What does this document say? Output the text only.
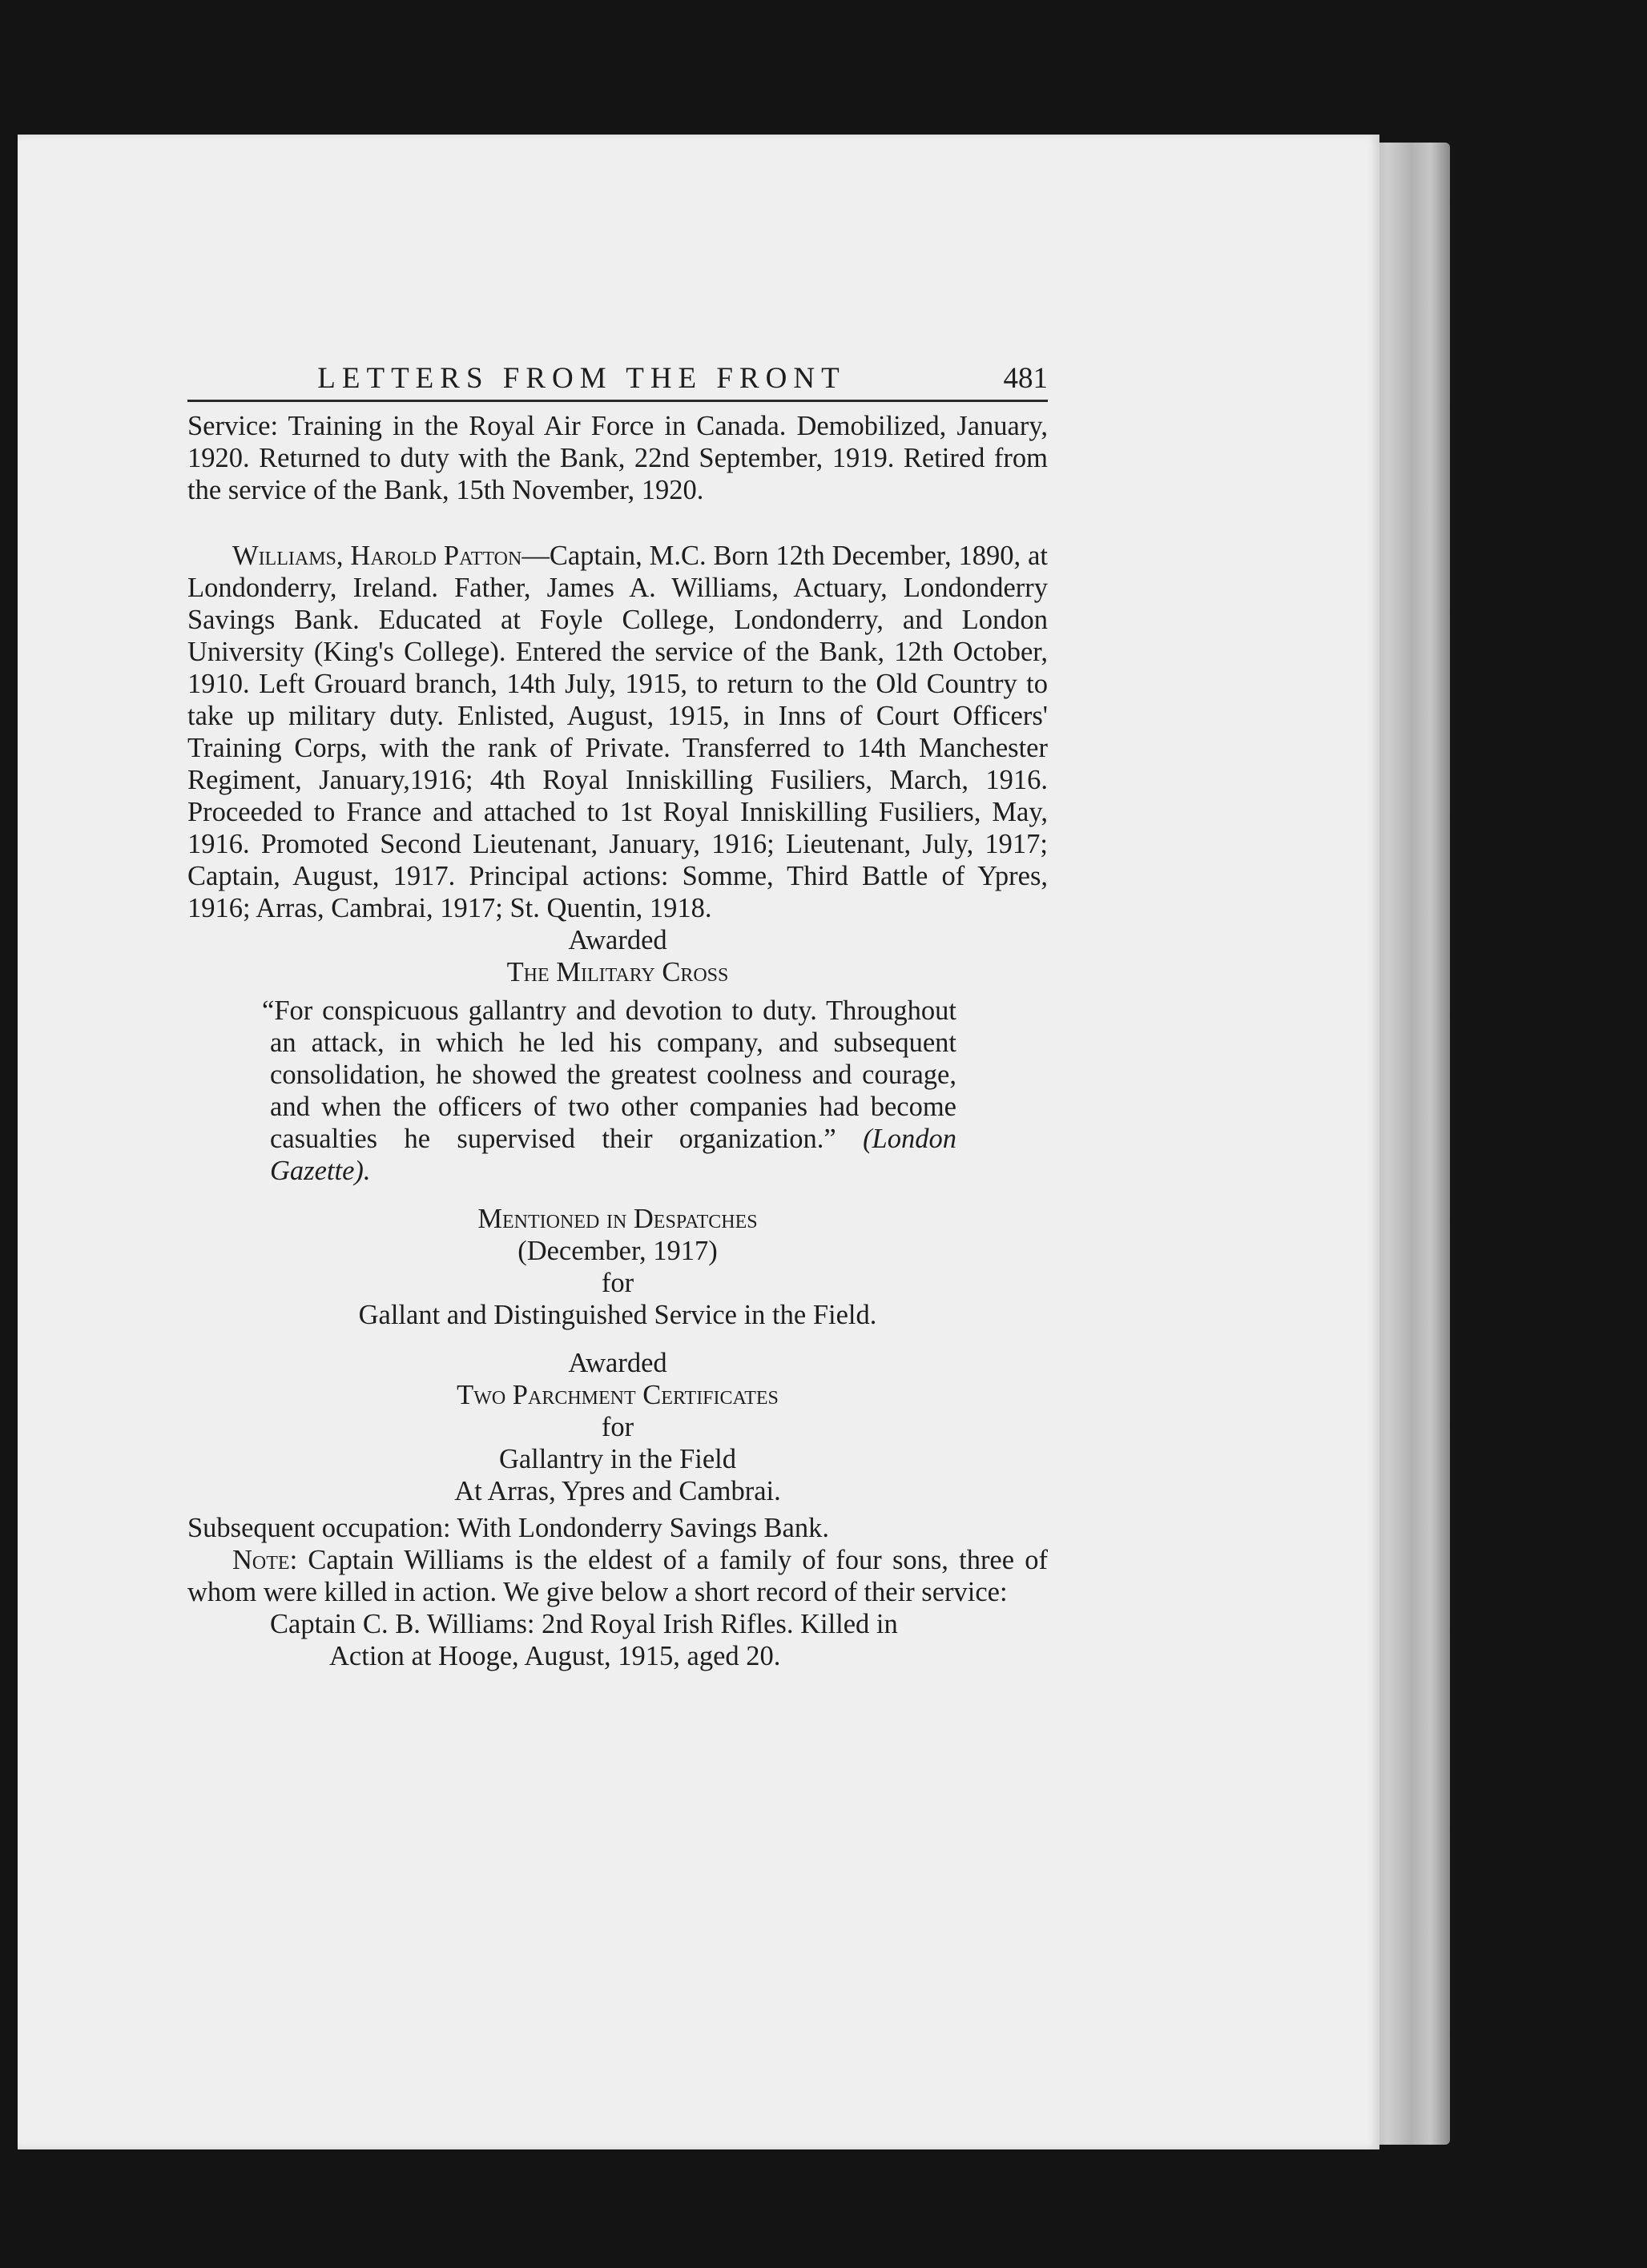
LETTERS FROM THE FRONT	481

Service: Training in the Royal Air Force in Canada. Demobilized, January, 1920. Returned to duty with the Bank, 22nd September, 1919. Retired from the service of the Bank, 15th November, 1920.

Williams, Harold Patton—Captain, M.C. Born 12th December, 1890, at Londonderry, Ireland. Father, James A. Williams, Actuary, Londonderry Savings Bank. Educated at Foyle College, Londonderry, and London University (King's College). Entered the service of the Bank, 12th October, 1910. Left Grouard branch, 14th July, 1915, to return to the Old Country to take up military duty. Enlisted, August, 1915, in Inns of Court Officers' Training Corps, with the rank of Private. Transferred to 14th Manchester Regiment, January,1916; 4th Royal Inniskilling Fusiliers, March, 1916. Proceeded to France and attached to 1st Royal Inniskilling Fusiliers, May, 1916. Promoted Second Lieutenant, January, 1916; Lieutenant, July, 1917; Captain, August, 1917. Principal actions: Somme, Third Battle of Ypres, 1916; Arras, Cambrai, 1917; St. Quentin, 1918.

Awarded
The Military Cross

“For conspicuous gallantry and devotion to duty. Throughout an attack, in which he led his company, and subsequent consolidation, he showed the greatest coolness and courage, and when the officers of two other companies had become casualties he supervised their organization.” (London Gazette).

Mentioned in Despatches
(December, 1917)
for
Gallant and Distinguished Service in the Field.
Awarded
Two Parchment Certificates
for
Gallantry in the Field
At Arras, Ypres and Cambrai.

Subsequent occupation: With Londonderry Savings Bank.

Note: Captain Williams is the eldest of a family of four sons, three of whom were killed in action. We give below a short record of their service:

Captain C. B. Williams: 2nd Royal Irish Rifles. Killed in

Action at Hooge, August, 1915, aged 20.
